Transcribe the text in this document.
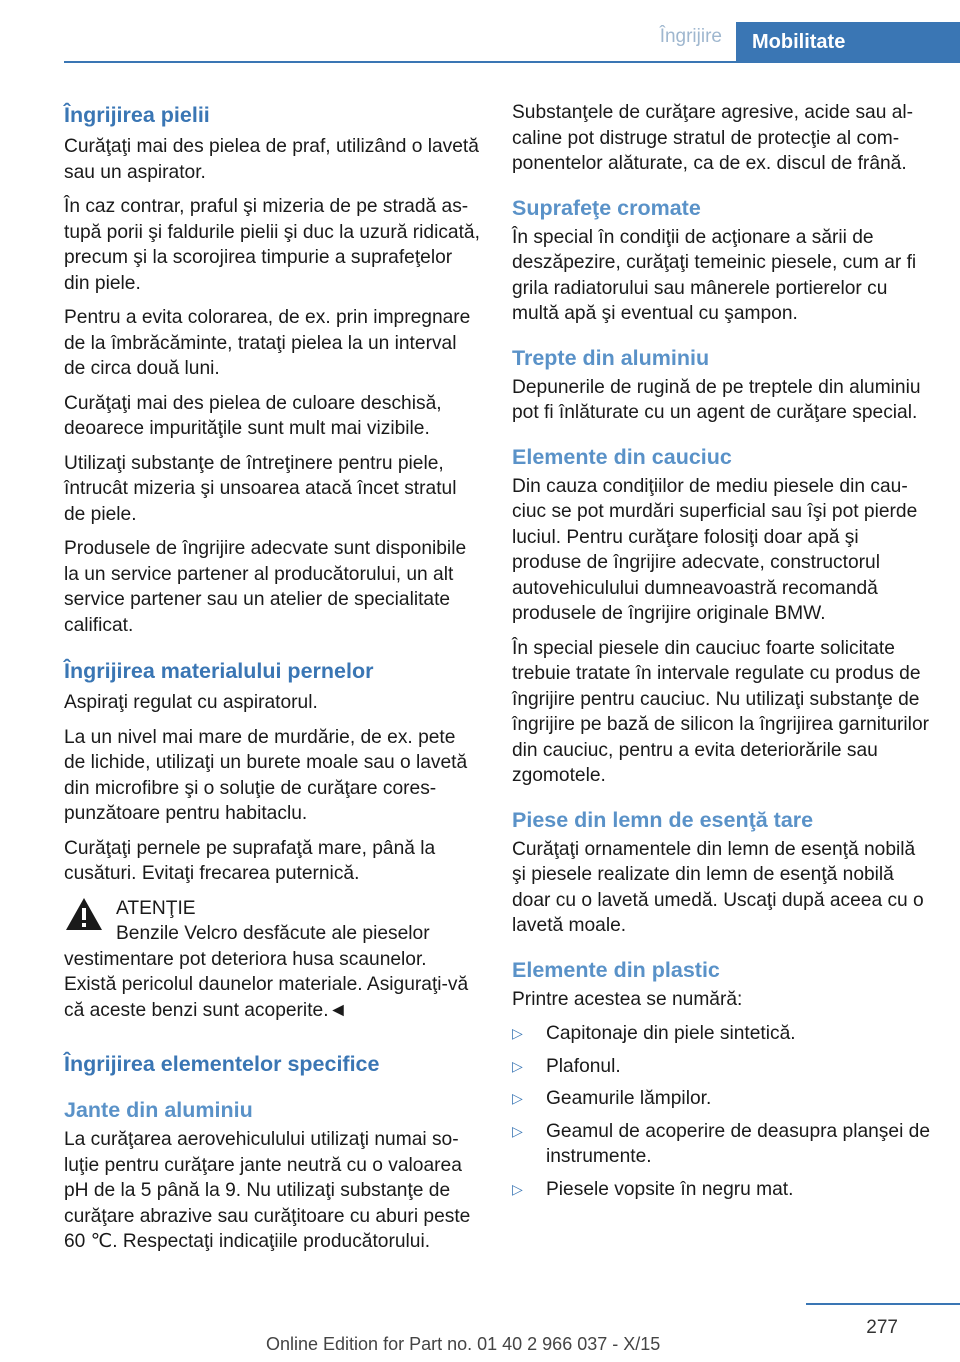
Îngrijire	Mobilitate
Îngrijirea pielii

Curăţaţi mai des pielea de praf, utilizând o lavetă sau un aspirator.

În caz contrar, praful şi mizeria de pe stradă astupă porii şi faldurile pielii şi duc la uzură ridicată, precum şi la scorojirea timpurie a suprafeţelor din piele.

Pentru a evita colorarea, de ex. prin impregnare de la îmbrăcăminte, trataţi pielea la un interval de circa două luni.

Curăţaţi mai des pielea de culoare deschisă, deoarece impurităţile sunt mult mai vizibile.

Utilizaţi substanţe de întreţinere pentru piele, întrucât mizeria şi unsoarea atacă încet stratul de piele.

Produsele de îngrijire adecvate sunt disponibile la un service partener al producătorului, un alt service partener sau un atelier de specialitate calificat.

Îngrijirea materialului pernelor

Aspiraţi regulat cu aspiratorul.

La un nivel mai mare de murdărie, de ex. pete de lichide, utilizaţi un burete moale sau o lavetă din microfibre şi o soluţie de curăţare corespunzătoare pentru habitaclu.

Curăţaţi pernele pe suprafaţă mare, până la cusături. Evitaţi frecarea puternică.

ATENŢIE
Benzile Velcro desfăcute ale pieselor vestimentare pot deteriora husa scaunelor. Există pericolul daunelor materiale. Asiguraţi-vă că aceste benzi sunt acoperite.◄
Îngrijirea elementelor specifice
Jante din aluminiu

La curăţarea aerovehiculului utilizaţi numai soluţie pentru curăţare jante neutră cu o valoarea pH de la 5 până la 9. Nu utilizaţi substanţe de curăţare abrazive sau curăţitoare cu aburi peste 60 ℃. Respectaţi indicaţiile producătorului.

Substanţele de curăţare agresive, acide sau alcaline pot distruge stratul de protecţie al componentelor alăturate, ca de ex. discul de frână.

Suprafeţe cromate

În special în condiţii de acţionare a sării de deszăpezire, curăţaţi temeinic piesele, cum ar fi grila radiatorului sau mânerele portierelor cu multă apă şi eventual cu şampon.

Trepte din aluminiu

Depunerile de rugină de pe treptele din aluminiu pot fi înlăturate cu un agent de curăţare special.

Elemente din cauciuc

Din cauza condiţiilor de mediu piesele din cauciuc se pot murdări superficial sau îşi pot pierde luciul. Pentru curăţare folosiţi doar apă şi produse de îngrijire adecvate, constructorul autovehiculului dumneavoastră recomandă produsele de îngrijire originale BMW.

În special piesele din cauciuc foarte solicitate trebuie tratate în intervale regulate cu produs de îngrijire pentru cauciuc. Nu utilizaţi substanţe de îngrijire pe bază de silicon la îngrijirea garniturilor din cauciuc, pentru a evita deteriorările sau zgomotele.

Piese din lemn de esenţă tare

Curăţaţi ornamentele din lemn de esenţă nobilă şi piesele realizate din lemn de esenţă nobilă doar cu o lavetă umedă. Uscaţi după aceea cu o lavetă moale.

Elemente din plastic

Printre acestea se numără:

▷ Capitonaje din piele sintetică.
▷ Plafonul.
▷ Geamurile lămpilor.
▷ Geamul de acoperire de deasupra planşei de instrumente.
▷ Piesele vopsite în negru mat.
277
Online Edition for Part no. 01 40 2 966 037 - X/15
